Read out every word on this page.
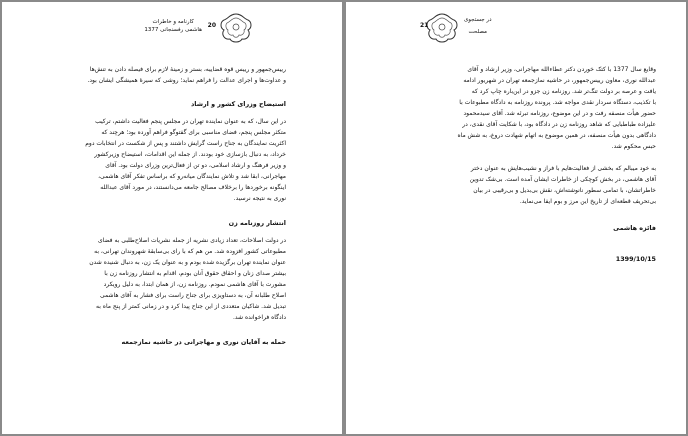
کارنامه و خاطرات
هاشمی رفسنجانی 1377
20

رییس‌جمهور و رییس قوه قضاییه، بستر و زمینهٔ لازم برای فیصله دادن به تنش‌ها
و عداوت‌ها و اجرای عدالت را فراهم نماید؛ روشی که سیرهٔ همیشگی ایشان بود.

استیضاح وزرای کشور و ارشاد

در این سال، که به عنوان نماینده تهران در مجلس پنجم فعالیت داشتم، ترکیب
متکثر مجلس پنجم، فضای مناسبی برای گفتوگو فراهم آورده بود؛ هرچند که
اکثریت نمایندگان به جناح راست گرایش داشتند و پس از شکست در انتخابات دوم
خرداد، به دنبال بازسازی خود بودند. از جمله این اقدامات، استیضاح وزیرکشور
و وزیر فرهنگ و ارشاد اسلامی، دو تن از فعال‌ترین وزرای دولت بود. آقای
مهاجرانی، ابقا شد و تلاش نمایندگان میانه‌رو که براساس تفکر آقای هاشمی،
اینگونه برخوردها را برخلاف مصالح جامعه می‌دانستند، در مورد آقای عبدالله
نوری به نتیجه نرسید.

انتشار روزنامه زن

در دولت اصلاحات، تعداد زیادی نشریه از جمله نشریات اصلاح‌طلبی به فضای
مطبوعاتی کشور افزوده شد. من هم که با رای بی‌سابقهٔ شهروندان تهرانی، به
عنوان نماینده تهران برگزیده شده بودم و به عنوان یک زن، به دنبال شنیده شدن
بیشتر صدای زنان و احقاق حقوق آنان بودم، اقدام به انتشار روزنامه زن با
مشورت با آقای هاشمی نمودم. روزنامه زن، از همان ابتدا، به دلیل رویکرد
اصلاح طلبانه آن، به دستاویزی برای جناح راست برای فشار به آقای هاشمی
تبدیل شد. شاکیان متعددی از این جناح پیدا کرد و در زمانی کمتر از پنج ماه به
دادگاه فراخوانده شد.

حمله به آقایان نوری و مهاجرانی در حاشیه نمازجمعه

21
در جستجوی
مصلحت

وقایع سال 1377 با کتک خوردن دکتر عطاءالله مهاجرانی، وزیر ارشاد و آقای
عبدالله نوری، معاون رییس‌جمهور، در حاشیه نمازجمعه تهران در شهریور ادامه
یافت و عرصه بر دولت تنگ‌تر شد. روزنامه زن جزو در این‌باره چاپ کرد که
با تکذیب، دستگاه سردار نقدی مواجه شد. پرونده روزنامه به دادگاه مطبوعات با
حضور هیأت منصفه رفت و در این موضوع، روزنامه تبرئه شد. آقای سیدمحمود
علیزاده طباطبایی که شاهد روزنامه زن در دادگاه بود، با شکایت آقای نقدی، در
دادگاهی بدون هیأت منصفه، در همین موضوع به اتهام شهادت دروغ، به شش ماه
حبس محکوم شد.

به خود میبالم که بخشی از فعالیت‌هایم با فراز و نشیب‌هایش به عنوان دختر
آقای هاشمی، در بخش کوچکی از خاطرات ایشان آمده است. بی‌شک تدوین
خاطراتشان، با تمامی سطور نانوشته‌اش، نقش بی‌بدیل و بی‌رقیبی در بیان
بی‌تحریف قطعه‌ای از تاریخ این مرز و بوم ایفا می‌نماید.

فائزه هاشمی
1399/10/15
